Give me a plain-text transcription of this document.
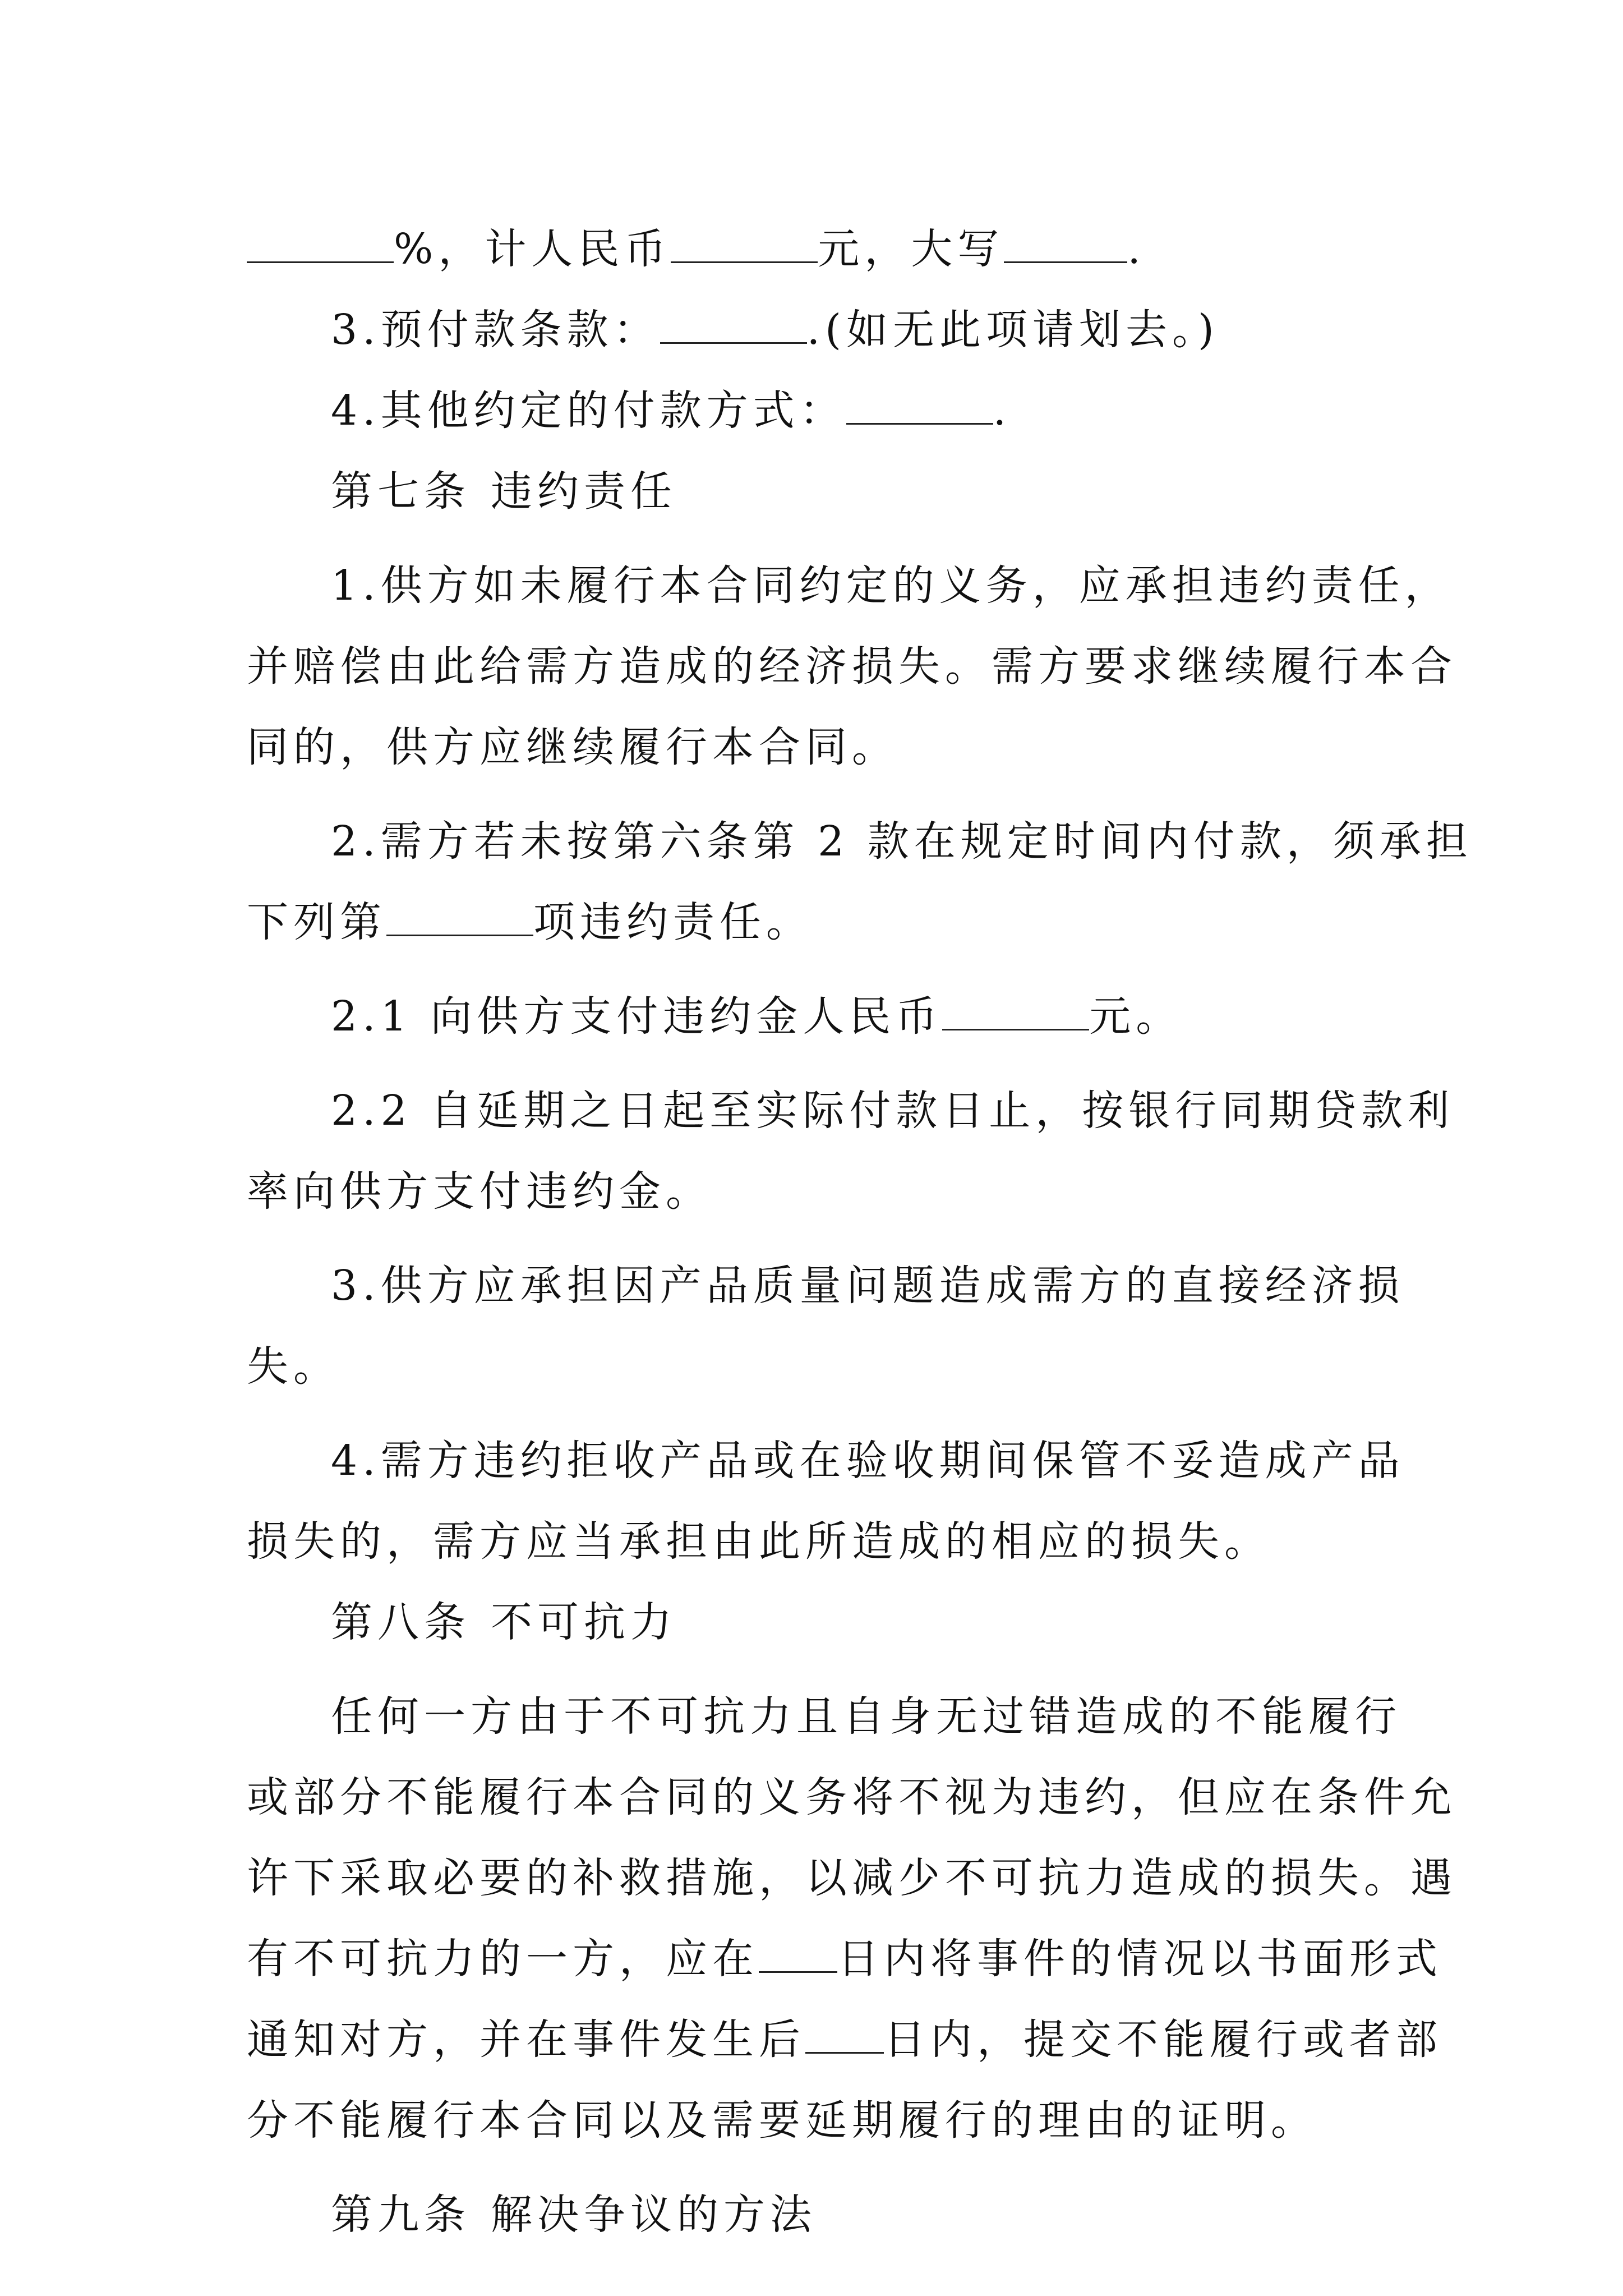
%，计人民币	元，大写	.
3.预付款条款：	.(如无此项请划去。)
4.其他约定的付款方式：	.
第七条 违约责任
1.供方如未履行本合同约定的义务，应承担违约责任，
并赔偿由此给需方造成的经济损失。需方要求继续履行本合
同的，供方应继续履行本合同。
2.需方若未按第六条第 2 款在规定时间内付款，须承担
下列第	项违约责任。
2.1 向供方支付违约金人民币	元。
2.2 自延期之日起至实际付款日止，按银行同期贷款利
率向供方支付违约金。
3.供方应承担因产品质量问题造成需方的直接经济损
失。
4.需方违约拒收产品或在验收期间保管不妥造成产品
损失的，需方应当承担由此所造成的相应的损失。
第八条 不可抗力
任何一方由于不可抗力且自身无过错造成的不能履行
或部分不能履行本合同的义务将不视为违约，但应在条件允
许下采取必要的补救措施，以减少不可抗力造成的损失。遇
有不可抗力的一方，应在 日内将事件的情况以书面形式
通知对方，并在事件发生后 日内，提交不能履行或者部
分不能履行本合同以及需要延期履行的理由的证明。
第九条 解决争议的方法
